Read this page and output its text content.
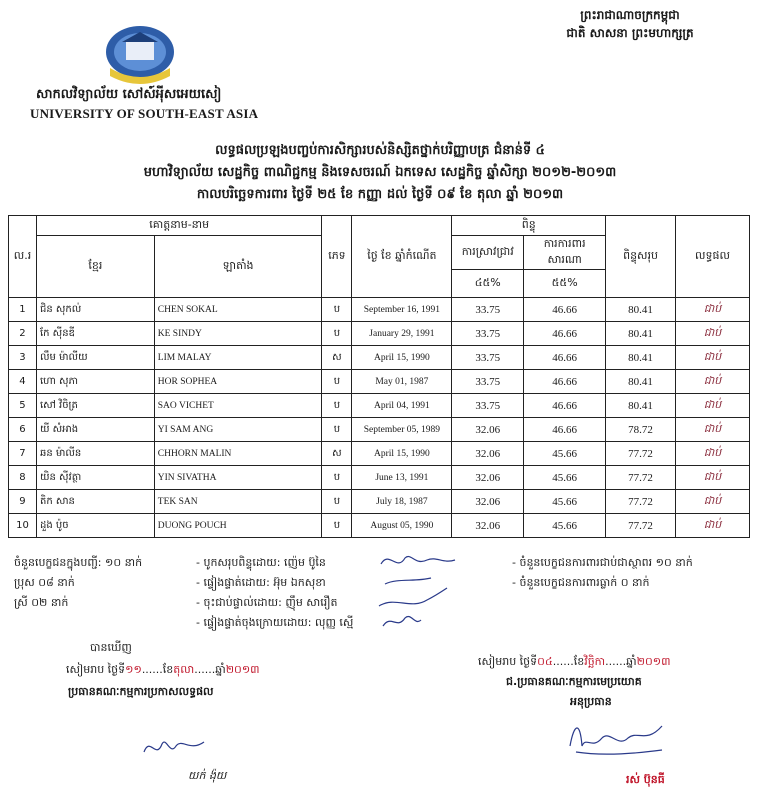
ព្រះរាជាណាចក្រកម្ពុជា
ជាតិ សាសនា ព្រះមហាក្សត្រ
សាកលវិទ្យាល័យ សៅស៍អុីសអេយសៀ
UNIVERSITY OF SOUTH-EAST ASIA
លទ្ធផលប្រឡងបញ្ចប់ការសិក្សារបស់និស្សិតថ្នាក់បរិញ្ញាបត្រ ជំនាន់ទី ៤
មហាវិទ្យាល័យ សេដ្ឋកិច្ច ពាណិជ្ជកម្ម និងទេសចរណ៍ ឯកទេស សេដ្ឋកិច្ច ឆ្នាំសិក្សា ២០១២-២០១៣
កាលបរិច្ឆេទការពារ ថ្ងៃទី ២៥ ខែ កញ្ញា ដល់ ថ្ងៃទី ០៩ ខែ តុលា ឆ្នាំ ២០១៣
ល.រ	គោត្តនាម-នាម		ភេទ	ថ្ងៃ ខែ ឆ្នាំកំណើត	ពិន្ទុ		ពិន្ទុសរុប	លទ្ធផល
	ខ្មែរ	ឡាតាំង			ការស្រាវជ្រាវ	ការការពារសារណា		
					៤៥%	៥៥%		
1	ជិន សុកល់	CHEN SOKAL	ប	September 16, 1991	33.75	46.66	80.41	ជាប់
2	កែ ស៊ីនឌី	KE SINDY	ប	January 29, 1991	33.75	46.66	80.41	ជាប់
3	លឹម ម៉ាលីយ	LIM MALAY	ស	April 15, 1990	33.75	46.66	80.41	ជាប់
4	ហោ សុភា	HOR SOPHEA	ប	May 01, 1987	33.75	46.66	80.41	ជាប់
5	សៅ វិចិត្រ	SAO VICHET	ប	April 04, 1991	33.75	46.66	80.41	ជាប់
6	យី សំអាង	YI SAM ANG	ប	September 05, 1989	32.06	46.66	78.72	ជាប់
7	ឆន ម៉ាលីន	CHHORN MALIN	ស	April 15, 1990	32.06	45.66	77.72	ជាប់
8	យិន ស៊ីវត្ថា	YIN SIVATHA	ប	June 13, 1991	32.06	45.66	77.72	ជាប់
9	តិក សាន	TEK SAN	ប	July 18, 1987	32.06	45.66	77.72	ជាប់
10	ដួង ប៉ូច	DUONG POUCH	ប	August 05, 1990	32.06	45.66	77.72	ជាប់
ចំនួនបេក្ខជនក្នុងបញ្ជី: ១០ នាក់
ប្រុស ០៨ នាក់
ស្រី ០២ នាក់
- បូកសរុបពិន្ទុដោយ: ញ៉េម ប៊ូនៃ
- ផ្ទៀងផ្ទាត់ដោយ: អ៊ុម ឯកសុខា
- ចុះជាប់ផ្ទាល់ដោយ: ញ៉ឹម សារឿត
- ផ្ទៀងផ្ទាត់ចុងក្រោយដោយ: លុញ្ញ ស្មើ
- ចំនួនបេក្ខជនការពារជាប់ជាស្ថាពរ ១០ នាក់
- ចំនួនបេក្ខជនការពារធ្លាក់ ០ នាក់
បានឃើញ
សៀមរាប ថ្ងៃទី១១......ខែតុលា......ឆ្នាំ២០១៣
ប្រធានគណៈកម្មការប្រកាសលទ្ធផល
យក់ ង៉ុយ
សៀមរាប ថ្ងៃទី០៤......ខែវិច្ឆិកា......ឆ្នាំ២០១៣
ជ.ប្រធានគណៈកម្មការមេប្រយោគ
អនុប្រធាន
រស់ ប៊ុនធី
